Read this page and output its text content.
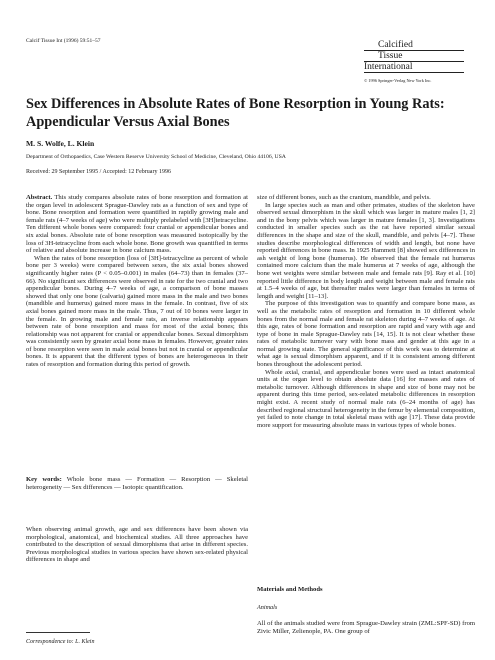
Calcif Tissue Int (1996) 59:51–57	Calcified
Tissue
International
© 1996 Springer-Verlag New York Inc.
Sex Differences in Absolute Rates of Bone Resorption in Young Rats: Appendicular Versus Axial Bones
M. S. Wolfe, L. Klein
Department of Orthopaedics, Case Western Reserve University School of Medicine, Cleveland, Ohio 44106, USA
Received: 29 September 1995 / Accepted: 12 February 1996

Abstract. This study compares absolute rates of bone resorption and formation at the organ level in adolescent Sprague-Dawley rats as a function of sex and type of bone. Bone resorption and formation were quantified in rapidly growing male and female rats (4–7 weeks of age) who were multiply prelabeled with [3H]tetracycline. Ten different whole bones were compared: four cranial or appendicular bones and six axial bones. Absolute rate of bone resorption was measured isotopically by the loss of 3H-tetracycline from each whole bone. Bone growth was quantified in terms of relative and absolute increase in bone calcium mass.

When the rates of bone resorption (loss of [3H]-tetracycline as percent of whole bone per 3 weeks) were compared between sexes, the six axial bones showed significantly higher rates (P < 0.05–0.001) in males (64–73) than in females (37–66). No significant sex differences were observed in rate for the two cranial and two appendicular bones. During 4–7 weeks of age, a comparison of bone masses showed that only one bone (calvaria) gained more mass in the male and two bones (mandible and humerus) gained more mass in the female. In contrast, five of six axial bones gained more mass in the male. Thus, 7 out of 10 bones were larger in the female. In growing male and female rats, an inverse relationship appears between rate of bone resorption and mass for most of the axial bones; this relationship was not apparent for cranial or appendicular bones. Sexual dimorphism was consistently seen by greater axial bone mass in females. However, greater rates of bone resorption were seen in male axial bones but not in cranial or appendicular bones. It is apparent that the different types of bones are heterogeneous in their rates of resorption and formation during this period of growth.

Key words: Whole bone mass — Formation — Resorption — Skeletal heterogeneity — Sex differences — Isotopic quantification.

When observing animal growth, age and sex differences have been shown via morphological, anatomical, and biochemical studies. All three approaches have contributed to the description of sexual dimorphisms that arise in different species. Previous morphological studies in various species have shown sex-related physical differences in shape and

Correspondence to: L. Klein

size of different bones, such as the cranium, mandible, and pelvis.

In large species such as man and other primates, studies of the skeleton have observed sexual dimorphism in the skull which was larger in mature males [1, 2] and in the bony pelvis which was larger in mature females [1, 3]. Investigations conducted in smaller species such as the rat have reported similar sexual differences in the shape and size of the skull, mandible, and pelvis [4–7]. These studies describe morphological differences of width and length, but none have reported differences in bone mass. In 1925 Hammett [8] showed sex differences in ash weight of long bone (humerus). He observed that the female rat humerus contained more calcium than the male humerus at 7 weeks of age, although the bone wet weights were similar between male and female rats [9]. Ray et al. [10] reported little difference in body length and weight between male and female rats at 1.5–4 weeks of age, but thereafter males were larger than females in terms of length and weight [11–13].

The purpose of this investigation was to quantify and compare bone mass, as well as the metabolic rates of resorption and formation in 10 different whole bones from the normal male and female rat skeleton during 4–7 weeks of age. At this age, rates of bone formation and resorption are rapid and vary with age and type of bone in male Sprague-Dawley rats [14, 15]. It is not clear whether these rates of metabolic turnover vary with bone mass and gender at this age in a normal growing state. The general significance of this work was to determine at what age is sexual dimorphism apparent, and if it is consistent among different bones throughout the adolescent period.

Whole axial, cranial, and appendicular bones were used as intact anatomical units at the organ level to obtain absolute data [16] for masses and rates of metabolic turnover. Although differences in shape and size of bone may not be apparent during this time period, sex-related metabolic differences in resorption might exist. A recent study of normal male rats (6–24 months of age) has described regional structural heterogeneity in the femur by elemental composition, yet failed to note change in total skeletal mass with age [17]. These data provide more support for measuring absolute mass in various types of whole bones.

Materials and Methods
Animals

All of the animals studied were from Sprague-Dawley strain (ZML:SPF-SD) from Zivic Miller, Zelienople, PA. One group of
